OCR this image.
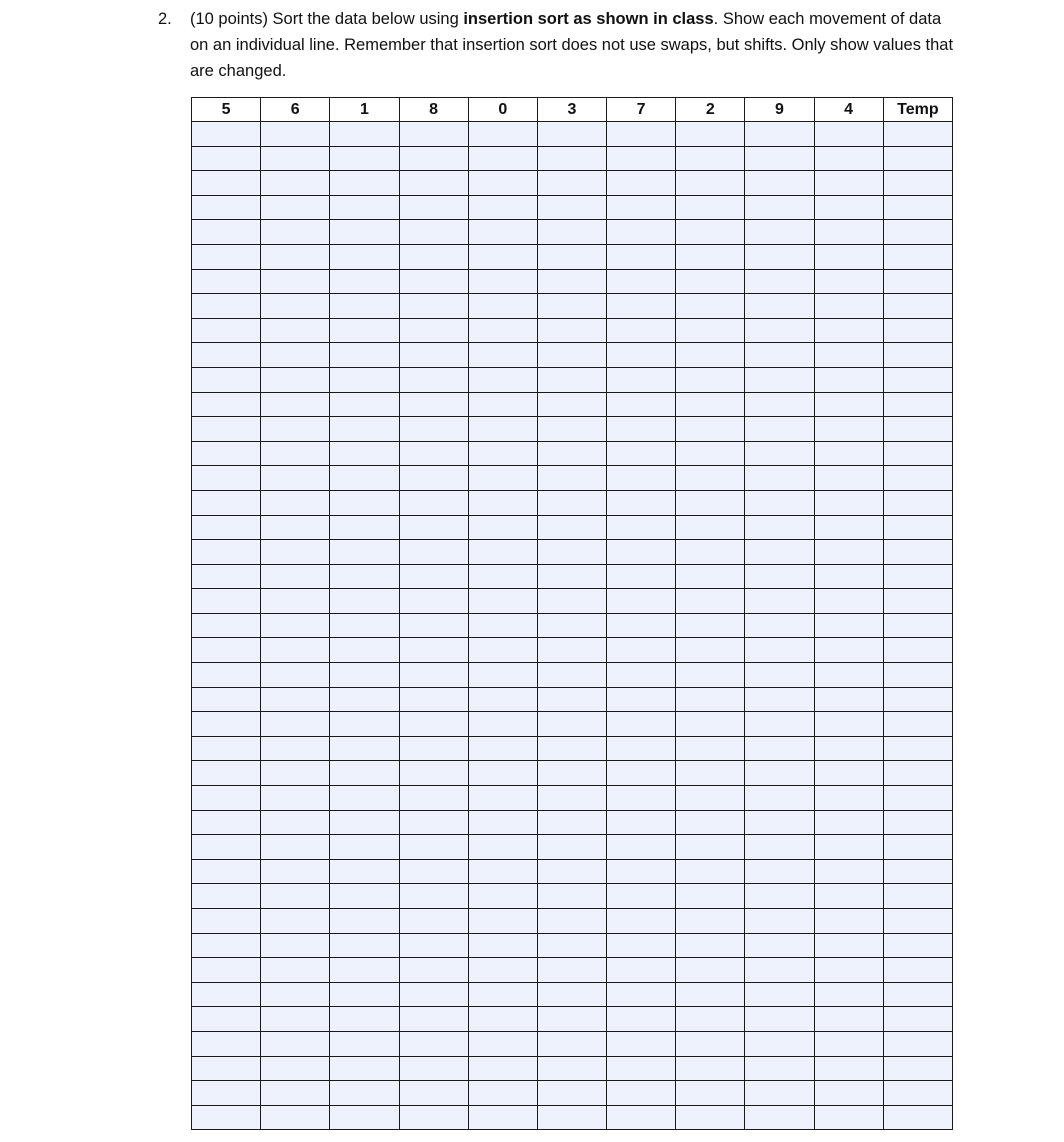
2. (10 points) Sort the data below using insertion sort as shown in class. Show each movement of data on an individual line. Remember that insertion sort does not use swaps, but shifts. Only show values that are changed.
5	6	1	8	0	3	7	2	9	4	Temp
